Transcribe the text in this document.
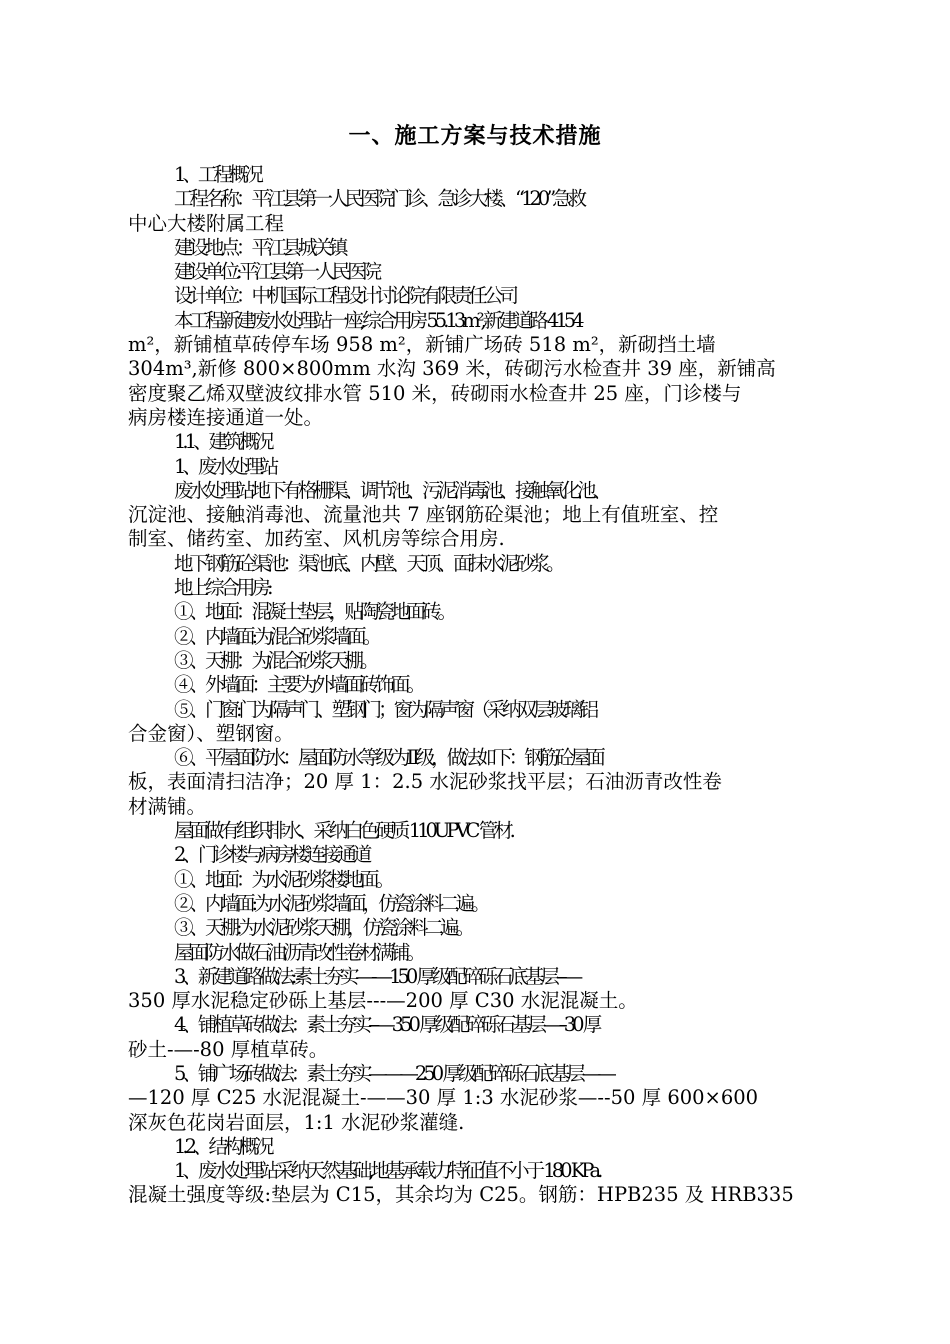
一、施工方案与技术措施

1、工程概况

工程名称：平江县第一人民医院门诊、急诊大楼、“120”急救

中心大楼附属工程

建设地点：平江县城关镇

建设单位:平江县第一人民医院

设计单位：中机国际工程设计讨论院有限责任公司

本工程新建废水处理站一座,综合用房 55.13m²,新建道路 4154

m²，新铺植草砖停车场 958 m²，新铺广场砖 518 m²，新砌挡土墙

304m³,新修 800×800mm 水沟 369 米，砖砌污水检查井 39 座，新铺高

密度聚乙烯双壁波纹排水管 510 米，砖砌雨水检查井 25 座，门诊楼与

病房楼连接通道一处。

1.1、建筑概况

1、废水处理站

废水处理站地下有格栅渠、调节池、污泥消毒池、接触氧化池、

沉淀池、接触消毒池、流量池共 7 座钢筋砼渠池；地上有值班室、控

制室、储药室、加药室、风机房等综合用房.

地下钢筋砼渠池：渠池底、内壁、天顶、面抹水泥砂浆。

地上综合用房:

①、地面：混凝土垫层，贴陶瓷地面砖。

②、内墙面:为混合砂浆墙面。

③、天棚：为混合砂浆天棚。

④、外墙面：主要为外墙面砖饰面。

⑤、门窗:门为隔声门、塑钢门；窗为隔声窗（采纳双层玻璃铝

合金窗）、塑钢窗。

⑥、平屋面防水：屋面防水等级为Ⅱ级，做法如下：钢筋砼屋面

板，表面清扫洁净；20 厚 1：2.5 水泥砂浆找平层；石油沥青改性卷

材满铺。

屋面做有组织排水、采纳白色硬质 110UPVC 管材.

2、门诊楼与病房楼连接通道

①、地面：为水泥砂浆楼地面。

②、内墙面:为水泥砂浆墙面，仿瓷涂料二遍。

③、天棚:为水泥砂浆天棚，仿瓷涂料二遍。

屋面防水做石油沥青改性卷材满铺。

3、新建道路做法:素土夯实—-—150 厚级配碎砾石底基层---—

350 厚水泥稳定砂砾上基层---—200 厚 C30 水泥混凝土。

4、铺植草砖做法：素土夯实---—350 厚级配碎砾石基层—--30 厚

砂土-—-80 厚植草砖。

5、铺广场砖做法：素土夯实———250 厚级配碎砾石底基层——

—120 厚 C25 水泥混凝土-——30 厚 1:3 水泥砂浆—--50 厚 600×600

深灰色花岗岩面层，1:1 水泥砂浆灌缝.

1.2、结构概况

1、废水处理站采纳天然基础,地基承载力特征值不小于 180 KPa.

混凝土强度等级:垫层为 C15，其余均为 C25。钢筋：HPB235 及 HRB335
